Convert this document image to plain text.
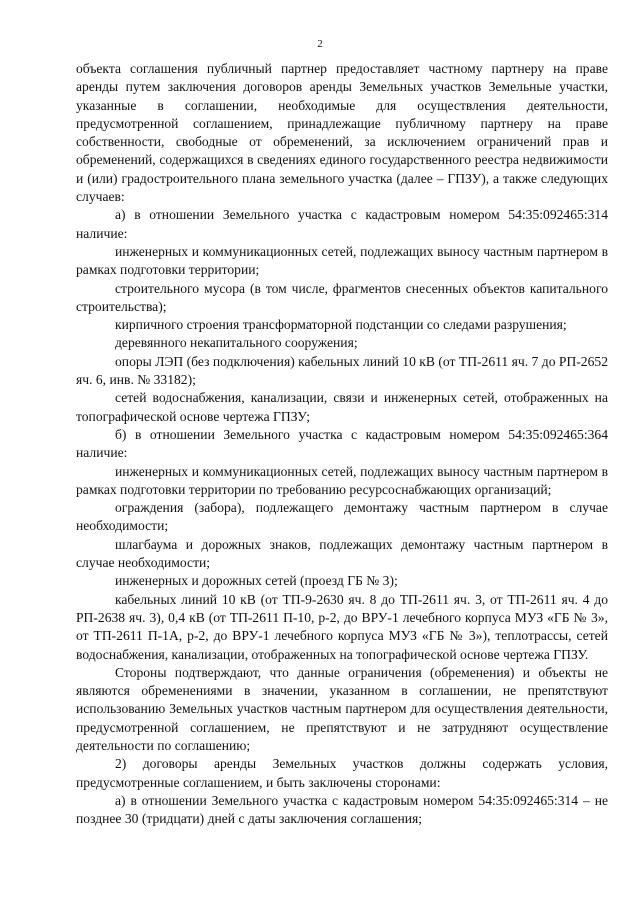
2

объекта соглашения публичный партнер предоставляет частному партнеру на праве аренды путем заключения договоров аренды Земельных участков Земельные участки, указанные в соглашении, необходимые для осуществления деятельности, предусмотренной соглашением, принадлежащие публичному партнеру на праве собственности, свободные от обременений, за исключением ограничений прав и обременений, содержащихся в сведениях единого государственного реестра недвижимости и (или) градостроительного плана земельного участка (далее – ГПЗУ), а также следующих случаев:

а) в отношении Земельного участка с кадастровым номером 54:35:092465:314 наличие:

инженерных и коммуникационных сетей, подлежащих выносу частным партнером в рамках подготовки территории;

строительного мусора (в том числе, фрагментов снесенных объектов капитального строительства);

кирпичного строения трансформаторной подстанции со следами разрушения;

деревянного некапитального сооружения;

опоры ЛЭП (без подключения) кабельных линий 10 кВ (от ТП-2611 яч. 7 до РП-2652 яч. 6, инв. № 33182);

сетей водоснабжения, канализации, связи и инженерных сетей, отображенных на топографической основе чертежа ГПЗУ;

б) в отношении Земельного участка с кадастровым номером 54:35:092465:364 наличие:

инженерных и коммуникационных сетей, подлежащих выносу частным партнером в рамках подготовки территории по требованию ресурсоснабжающих организаций;

ограждения (забора), подлежащего демонтажу частным партнером в случае необходимости;

шлагбаума и дорожных знаков, подлежащих демонтажу частным партнером в случае необходимости;

инженерных и дорожных сетей (проезд ГБ № 3);

кабельных линий 10 кВ (от ТП-9-2630 яч. 8 до ТП-2611 яч. 3, от ТП-2611 яч. 4 до РП-2638 яч. 3), 0,4 кВ (от ТП-2611 П-10, р-2, до ВРУ-1 лечебного корпуса МУЗ «ГБ № 3», от ТП-2611 П-1А, р-2, до ВРУ-1 лечебного корпуса МУЗ «ГБ № 3»), теплотрассы, сетей водоснабжения, канализации, отображенных на топографической основе чертежа ГПЗУ.

Стороны подтверждают, что данные ограничения (обременения) и объекты не являются обременениями в значении, указанном в соглашении, не препятствуют использованию Земельных участков частным партнером для осуществления деятельности, предусмотренной соглашением, не препятствуют и не затрудняют осуществление деятельности по соглашению;

2) договоры аренды Земельных участков должны содержать условия, предусмотренные соглашением, и быть заключены сторонами:

а) в отношении Земельного участка с кадастровым номером 54:35:092465:314 – не позднее 30 (тридцати) дней с даты заключения соглашения;
